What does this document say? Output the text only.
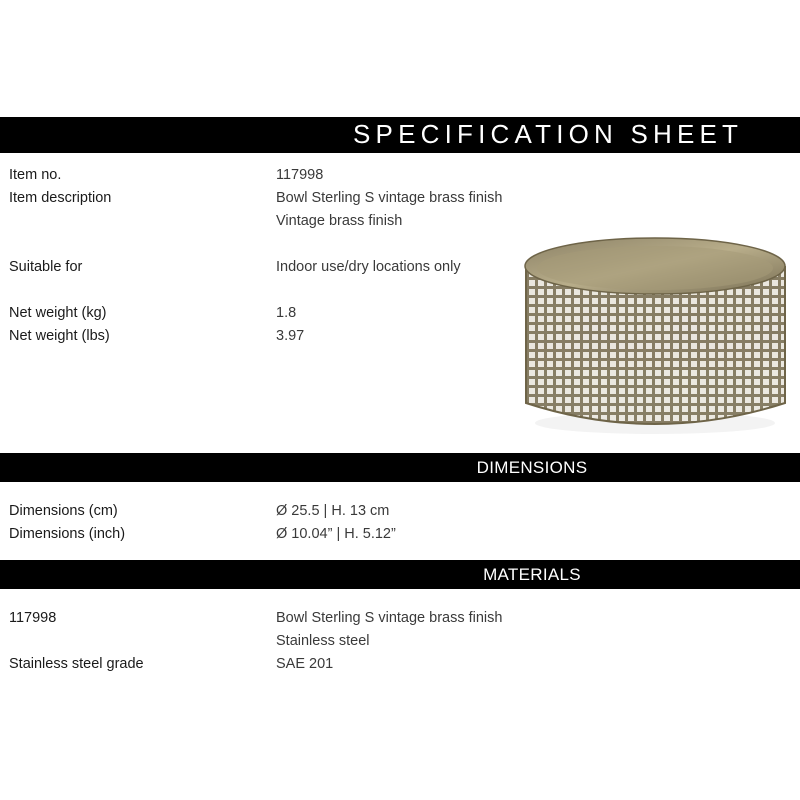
SPECIFICATION SHEET
Item no.	117998
Item description	Bowl Sterling S vintage brass finish
Vintage brass finish
Suitable for	Indoor use/dry locations only
Net weight (kg)	1.8
Net weight (lbs)	3.97
DIMENSIONS
Dimensions (cm)	Ø 25.5 | H. 13 cm
Dimensions (inch)	Ø 10.04” | H. 5.12”
MATERIALS
117998	Bowl Sterling S vintage brass finish
Stainless steel
Stainless steel grade	SAE 201
